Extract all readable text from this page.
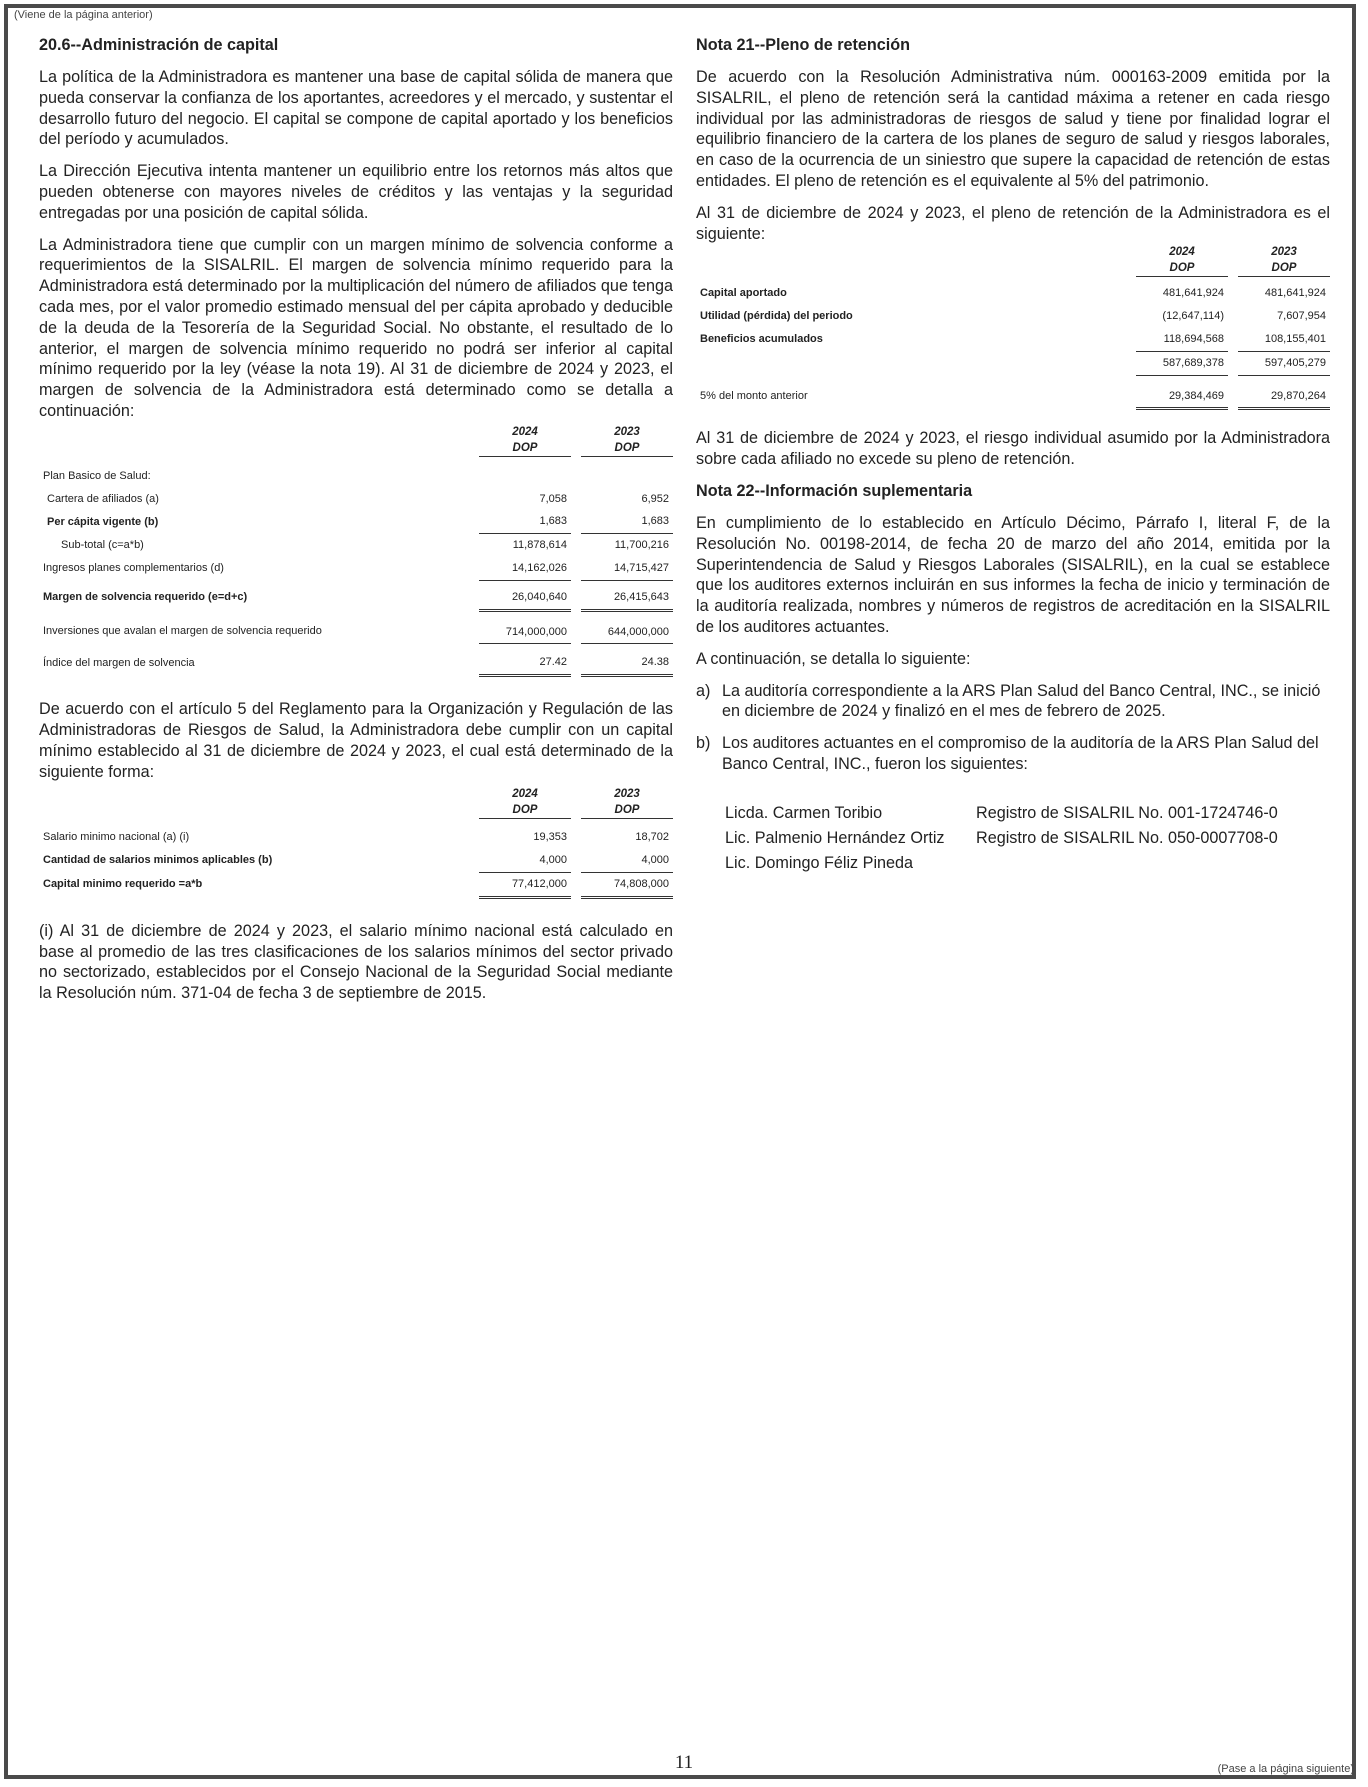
(Viene de la página anterior)
20.6--Administración de capital

La política de la Administradora es mantener una base de capital sólida de manera que pueda conservar la confianza de los aportantes, acreedores y el mercado, y sustentar el desarrollo futuro del negocio. El capital se compone de capital aportado y los beneficios del período y acumulados.

La Dirección Ejecutiva intenta mantener un equilibrio entre los retornos más altos que pueden obtenerse con mayores niveles de créditos y las ventajas y la seguridad entregadas por una posición de capital sólida.

La Administradora tiene que cumplir con un margen mínimo de solvencia conforme a requerimientos de la SISALRIL. El margen de solvencia mínimo requerido para la Administradora está determinado por la multiplicación del número de afiliados que tenga cada mes, por el valor promedio estimado mensual del per cápita aprobado y deducible de la deuda de la Tesorería de la Seguridad Social. No obstante, el resultado de lo anterior, el margen de solvencia mínimo requerido no podrá ser inferior al capital mínimo requerido por la ley (véase la nota 19). Al 31 de diciembre de 2024 y 2023, el margen de solvencia de la Administradora está determinado como se detalla a continuación:

	2024		2023
	DOP		DOP
Plan Basico de Salud:			
Cartera de afiliados (a)	7,058		6,952
Per cápita vigente (b)	1,683		1,683
Sub-total (c=a*b)	11,878,614		11,700,216
Ingresos planes complementarios (d)	14,162,026		14,715,427
Margen de solvencia requerido (e=d+c)	26,040,640		26,415,643
Inversiones que avalan el margen de solvencia requerido	714,000,000		644,000,000
Índice del margen de solvencia	27.42		24.38

De acuerdo con el artículo 5 del Reglamento para la Organización y Regulación de las Administradoras de Riesgos de Salud, la Administradora debe cumplir con un capital mínimo establecido al 31 de diciembre de 2024 y 2023, el cual está determinado de la siguiente forma:

	2024		2023
	DOP		DOP
Salario minimo nacional (a) (i)	19,353		18,702
Cantidad de salarios minimos aplicables (b)	4,000		4,000
Capital minimo requerido =a*b	77,412,000		74,808,000

(i) Al 31 de diciembre de 2024 y 2023, el salario mínimo nacional está calculado en base al promedio de las tres clasificaciones de los salarios mínimos del sector privado no sectorizado, establecidos por el Consejo Nacional de la Seguridad Social mediante la Resolución núm. 371-04 de fecha 3 de septiembre de 2015.

Nota 21--Pleno de retención

De acuerdo con la Resolución Administrativa núm. 000163-2009 emitida por la SISALRIL, el pleno de retención será la cantidad máxima a retener en cada riesgo individual por las administradoras de riesgos de salud y tiene por finalidad lograr el equilibrio financiero de la cartera de los planes de seguro de salud y riesgos laborales, en caso de la ocurrencia de un siniestro que supere la capacidad de retención de estas entidades. El pleno de retención es el equivalente al 5% del patrimonio.

Al 31 de diciembre de 2024 y 2023, el pleno de retención de la Administradora es el siguiente:

	2024		2023
	DOP		DOP
Capital aportado	481,641,924		481,641,924
Utilidad (pérdida) del periodo	(12,647,114)		7,607,954
Beneficios acumulados	118,694,568		108,155,401
	587,689,378		597,405,279
5% del monto anterior	29,384,469		29,870,264

Al 31 de diciembre de 2024 y 2023, el riesgo individual asumido por la Administradora sobre cada afiliado no excede su pleno de retención.

Nota 22--Información suplementaria

En cumplimiento de lo establecido en Artículo Décimo, Párrafo I, literal F, de la Resolución No. 00198-2014, de fecha 20 de marzo del año 2014, emitida por la Superintendencia de Salud y Riesgos Laborales (SISALRIL), en la cual se establece que los auditores externos incluirán en sus informes la fecha de inicio y terminación de la auditoría realizada, nombres y números de registros de acreditación en la SISALRIL de los auditores actuantes.

A continuación, se detalla lo siguiente:

a) La auditoría correspondiente a la ARS Plan Salud del Banco Central, INC., se inició en diciembre de 2024 y finalizó en el mes de febrero de 2025.
b) Los auditores actuantes en el compromiso de la auditoría de la ARS Plan Salud del Banco Central, INC., fueron los siguientes:
Licda. Carmen Toribio	Registro de SISALRIL No. 001-1724746-0
Lic. Palmenio Hernández Ortiz	Registro de SISALRIL No. 050-0007708-0
Lic. Domingo Féliz Pineda
11	(Pase a la página siguiente)
